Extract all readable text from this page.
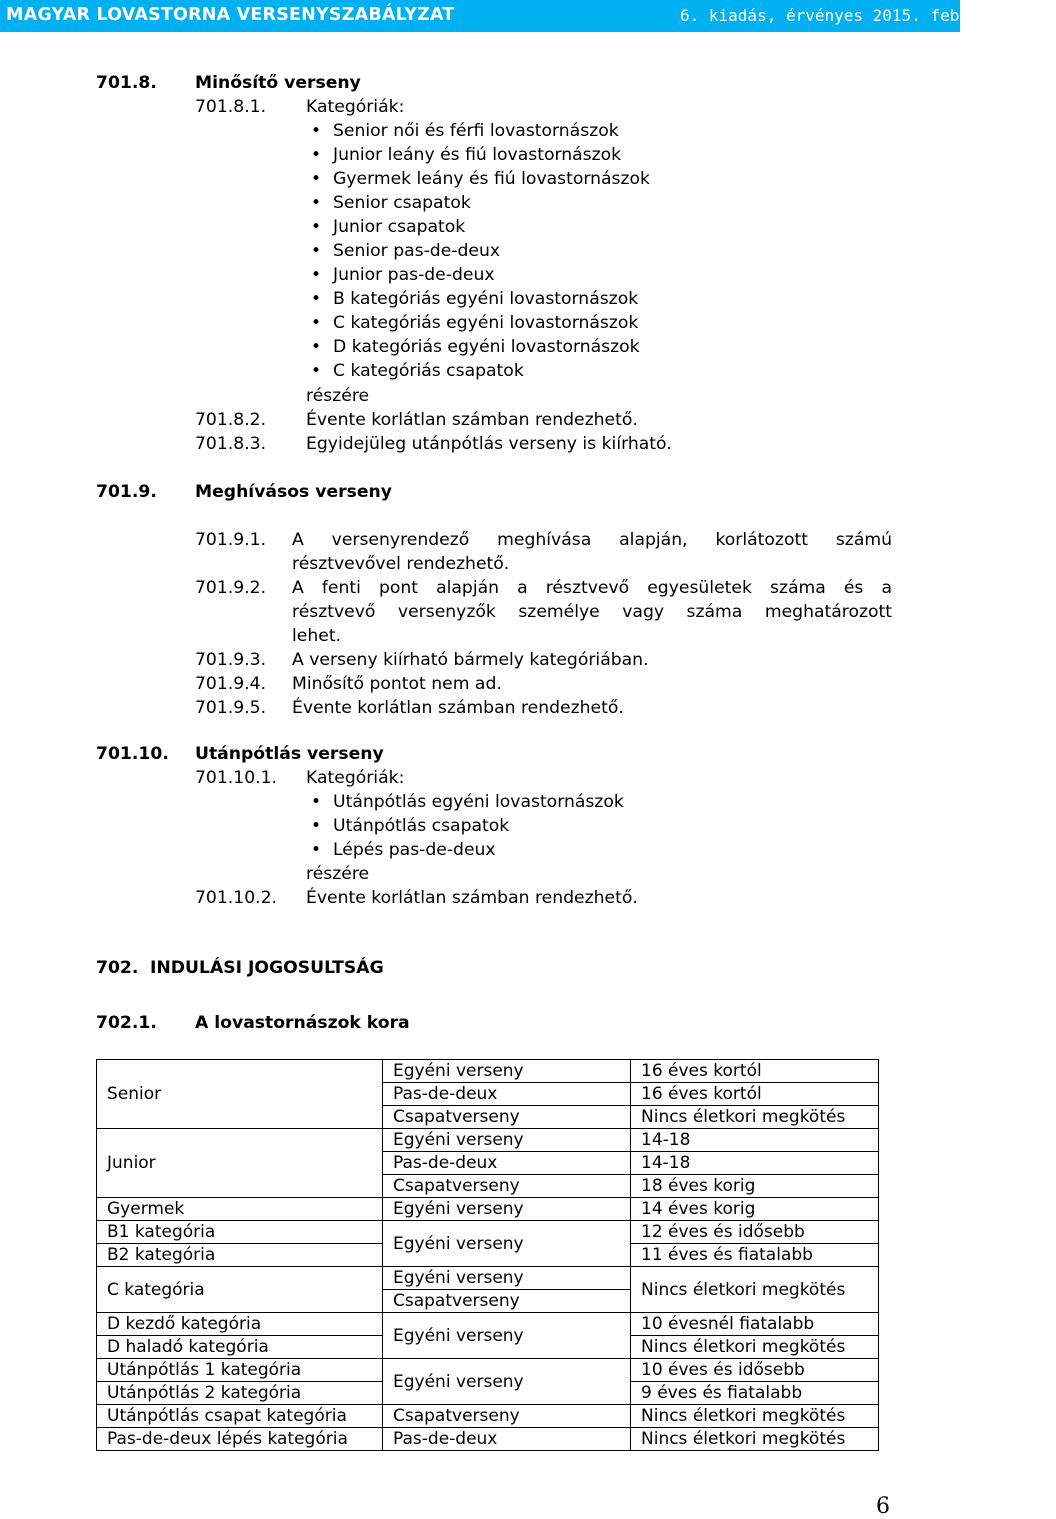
MAGYAR LOVASTORNA VERSENYSZABÁLYZAT	6. kiadás, érvényes 2015. február 8-tól
701.8. Minősítő verseny
701.8.1. Kategóriák:
• Senior női és férfi lovastornászok
• Junior leány és fiú lovastornászok
• Gyermek leány és fiú lovastornászok
• Senior csapatok
• Junior csapatok
• Senior pas-de-deux
• Junior pas-de-deux
• B kategóriás egyéni lovastornászok
• C kategóriás egyéni lovastornászok
• D kategóriás egyéni lovastornászok
• C kategóriás csapatok
részére
701.8.2. Évente korlátlan számban rendezhető.
701.8.3. Egyidejüleg utánpótlás verseny is kiírható.
701.9. Meghívásos verseny
701.9.1. A versenyrendező meghívása alapján, korlátozott számú
résztvevővel rendezhető.
701.9.2. A fenti pont alapján a résztvevő egyesületek száma és a
résztvevő versenyzők személye vagy száma meghatározott
lehet.
701.9.3. A verseny kiírható bármely kategóriában.
701.9.4. Minősítő pontot nem ad.
701.9.5. Évente korlátlan számban rendezhető.
701.10. Utánpótlás verseny
701.10.1. Kategóriák:
• Utánpótlás egyéni lovastornászok
• Utánpótlás csapatok
• Lépés pas-de-deux
részére
701.10.2. Évente korlátlan számban rendezhető.
702. INDULÁSI JOGOSULTSÁG
702.1. A lovastornászok kora
Senior	Egyéni verseny	16 éves kortól
	Pas-de-deux	16 éves kortól
	Csapatverseny	Nincs életkori megkötés
Junior	Egyéni verseny	14-18
	Pas-de-deux	14-18
	Csapatverseny	18 éves korig
Gyermek	Egyéni verseny	14 éves korig
B1 kategória	Egyéni verseny	12 éves és idősebb
B2 kategória		11 éves és fiatalabb
C kategória	Egyéni verseny	Nincs életkori megkötés
	Csapatverseny	
D kezdő kategória	Egyéni verseny	10 évesnél fiatalabb
D haladó kategória		Nincs életkori megkötés
Utánpótlás 1 kategória	Egyéni verseny	10 éves és idősebb
Utánpótlás 2 kategória		9 éves és fiatalabb
Utánpótlás csapat kategória	Csapatverseny	Nincs életkori megkötés
Pas-de-deux lépés kategória	Pas-de-deux	Nincs életkori megkötés
6
